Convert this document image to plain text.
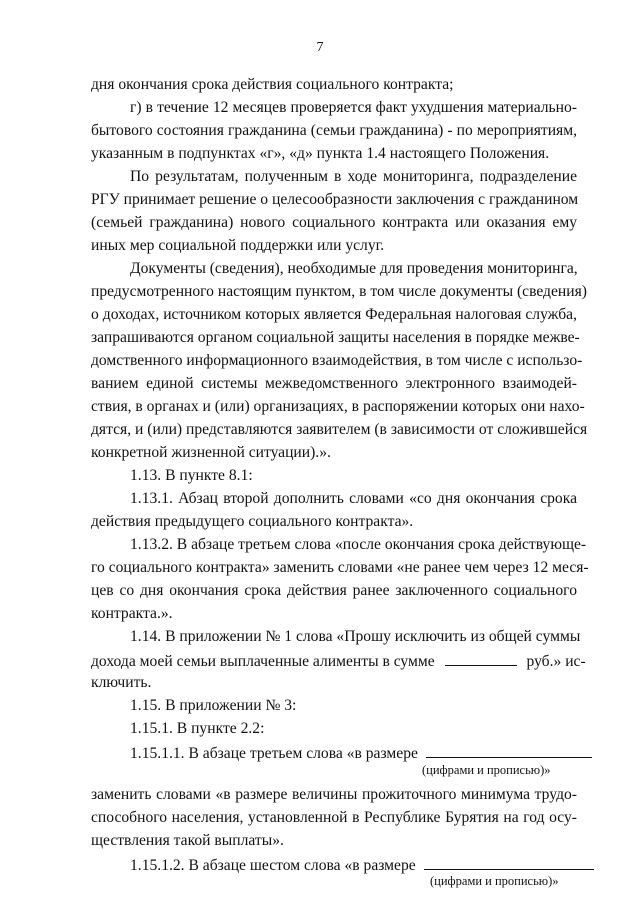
7
дня окончания срока действия социального контракта;
г) в течение 12 месяцев проверяется факт ухудшения материально-
бытового состояния гражданина (семьи гражданина) - по мероприятиям,
указанным в подпунктах «г», «д» пункта 1.4 настоящего Положения.
По результатам, полученным в ходе мониторинга, подразделение
РГУ принимает решение о целесообразности заключения с гражданином
(семьей гражданина) нового социального контракта или оказания ему
иных мер социальной поддержки или услуг.
Документы (сведения), необходимые для проведения мониторинга,
предусмотренного настоящим пунктом, в том числе документы (сведения)
о доходах, источником которых является Федеральная налоговая служба,
запрашиваются органом социальной защиты населения в порядке межве-
домственного информационного взаимодействия, в том числе с использо-
ванием единой системы межведомственного электронного взаимодей-
ствия, в органах и (или) организациях, в распоряжении которых они нахо-
дятся, и (или) представляются заявителем (в зависимости от сложившейся
конкретной жизненной ситуации).».
1.13. В пункте 8.1:
1.13.1. Абзац второй дополнить словами «со дня окончания срока
действия предыдущего социального контракта».
1.13.2. В абзаце третьем слова «после окончания срока действующе-
го социального контракта» заменить словами «не ранее чем через 12 меся-
цев со дня окончания срока действия ранее заключенного социального
контракта.».
1.14. В приложении № 1 слова «Прошу исключить из общей суммы
дохода моей семьи выплаченные алименты в сумме	руб.» ис-
ключить.
1.15. В приложении № 3:
1.15.1. В пункте 2.2:
1.15.1.1. В абзаце третьем слова «в размере
(цифрами и прописью)»
заменить словами «в размере величины прожиточного минимума трудо-
способного населения, установленной в Республике Бурятия на год осу-
ществления такой выплаты».
1.15.1.2. В абзаце шестом слова «в размере
(цифрами и прописью)»
